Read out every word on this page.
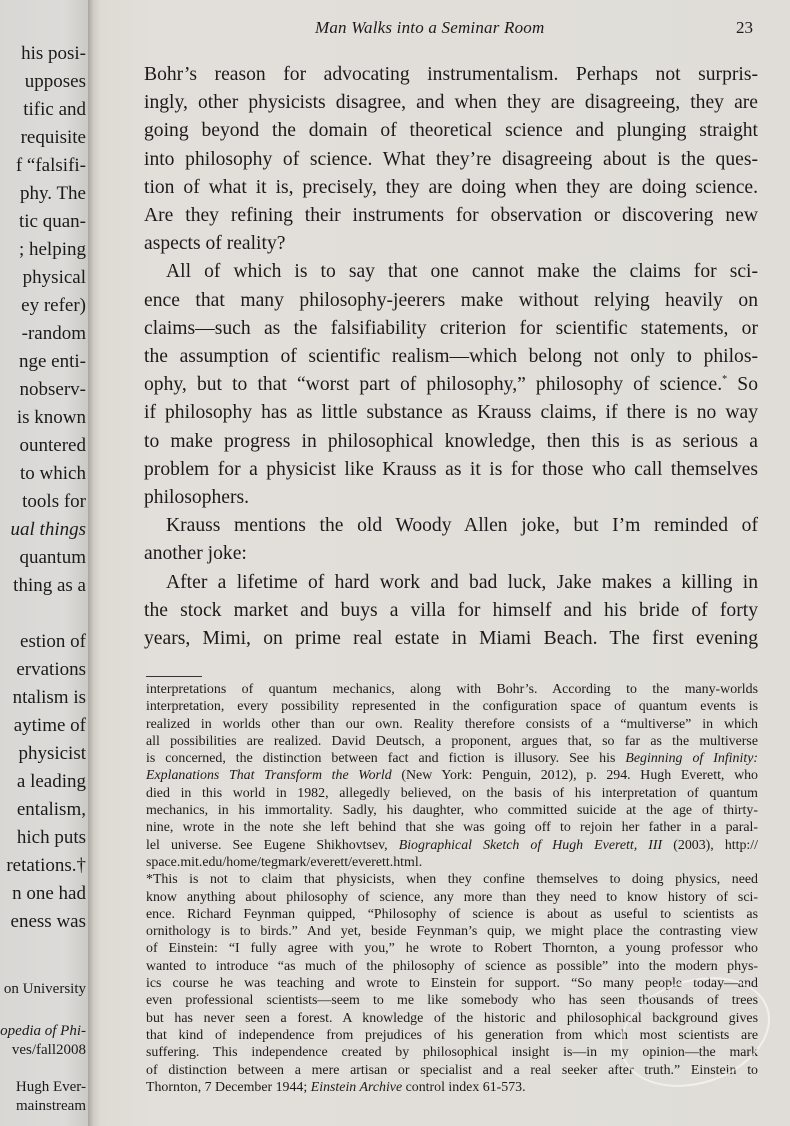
his posi-
upposes
tific and
requisite
f “falsifi-
phy. The
tic quan-
; helping
physical
ey refer)
-random
nge enti-
nobserv-
is known
ountered
to which
tools for
ual things
quantum
thing as a
estion of
ervations
ntalism is
aytime of
physicist
a leading
entalism,
hich puts
retations.†
n one had
eness was
on University
opedia of Phi-
ves/fall2008
Hugh Ever-
mainstream
Man Walks into a Seminar Room	23
Bohr’s reason for advocating instrumentalism. Perhaps not surpris-
ingly, other physicists disagree, and when they are disagreeing, they are
going beyond the domain of theoretical science and plunging straight
into philosophy of science. What they’re disagreeing about is the ques-
tion of what it is, precisely, they are doing when they are doing science.
Are they refining their instruments for observation or discovering new
aspects of reality?
All of which is to say that one cannot make the claims for sci-
ence that many philosophy-jeerers make without relying heavily on
claims—such as the falsifiability criterion for scientific statements, or
the assumption of scientific realism—which belong not only to philos-
ophy, but to that “worst part of philosophy,” philosophy of science.* So
if philosophy has as little substance as Krauss claims, if there is no way
to make progress in philosophical knowledge, then this is as serious a
problem for a physicist like Krauss as it is for those who call themselves
philosophers.
Krauss mentions the old Woody Allen joke, but I’m reminded of
another joke:
After a lifetime of hard work and bad luck, Jake makes a killing in
the stock market and buys a villa for himself and his bride of forty
years, Mimi, on prime real estate in Miami Beach. The first evening
interpretations of quantum mechanics, along with Bohr’s. According to the many-worlds
interpretation, every possibility represented in the configuration space of quantum events is
realized in worlds other than our own. Reality therefore consists of a “multiverse” in which
all possibilities are realized. David Deutsch, a proponent, argues that, so far as the multiverse
is concerned, the distinction between fact and fiction is illusory. See his Beginning of Infinity:
Explanations That Transform the World (New York: Penguin, 2012), p. 294. Hugh Everett, who
died in this world in 1982, allegedly believed, on the basis of his interpretation of quantum
mechanics, in his immortality. Sadly, his daughter, who committed suicide at the age of thirty-
nine, wrote in the note she left behind that she was going off to rejoin her father in a paral-
lel universe. See Eugene Shikhovtsev, Biographical Sketch of Hugh Everett, III (2003), http://
space.mit.edu/home/tegmark/everett/everett.html.
*This is not to claim that physicists, when they confine themselves to doing physics, need
know anything about philosophy of science, any more than they need to know history of sci-
ence. Richard Feynman quipped, “Philosophy of science is about as useful to scientists as
ornithology is to birds.” And yet, beside Feynman’s quip, we might place the contrasting view
of Einstein: “I fully agree with you,” he wrote to Robert Thornton, a young professor who
wanted to introduce “as much of the philosophy of science as possible” into the modern phys-
ics course he was teaching and wrote to Einstein for support. “So many people today—and
even professional scientists—seem to me like somebody who has seen thousands of trees
but has never seen a forest. A knowledge of the historic and philosophical background gives
that kind of independence from prejudices of his generation from which most scientists are
suffering. This independence created by philosophical insight is—in my opinion—the mark
of distinction between a mere artisan or specialist and a real seeker after truth.” Einstein to
Thornton, 7 December 1944; Einstein Archive control index 61-573.
